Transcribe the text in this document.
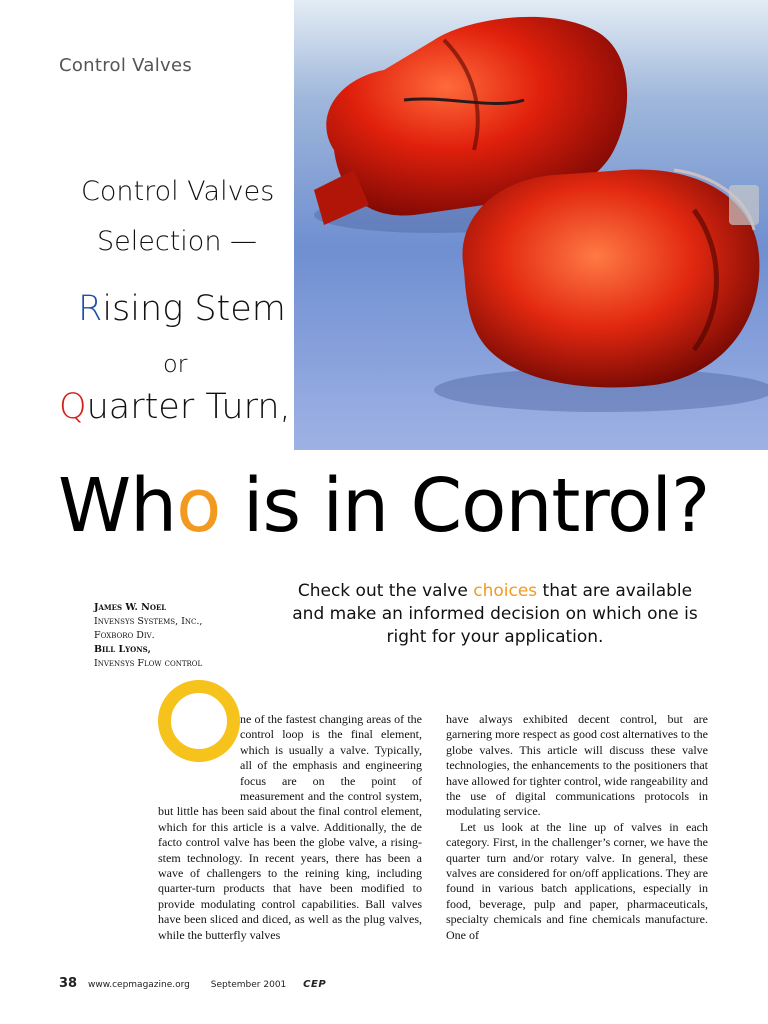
Control Valves
Control Valves
Selection —
Rising Stem
or
Quarter Turn,
Who is in Control?
Check out the valve choices that are available and make an informed decision on which one is right for your application.
James W. Noel
Invensys Systems, Inc.,
Foxboro Div.
Bill Lyons,
Invensys Flow control

ne of the fastest changing areas of the control loop is the final element, which is usually a valve. Typically, all of the emphasis and engineering focus are on the point of measurement and the control system, but little has been said about the final control element, which for this article is a valve. Additionally, the de facto control valve has been the globe valve, a rising-stem technology. In recent years, there has been a wave of challengers to the reining king, including quarter-turn products that have been modified to provide modulating control capabilities. Ball valves have been sliced and diced, as well as the plug valves, while the butterfly valves

have always exhibited decent control, but are garnering more respect as good cost alternatives to the globe valves. This article will discuss these valve technologies, the enhancements to the positioners that have allowed for tighter control, wide rangeability and the use of digital communications protocols in modulating service.

Let us look at the line up of valves in each category. First, in the challenger’s corner, we have the quarter turn and/or rotary valve. In general, these valves are considered for on/off applications. They are found in various batch applications, especially in food, beverage, pulp and paper, pharmaceuticals, specialty chemicals and fine chemicals manufacture. One of

38 www.cepmagazine.org September 2001 CEP
